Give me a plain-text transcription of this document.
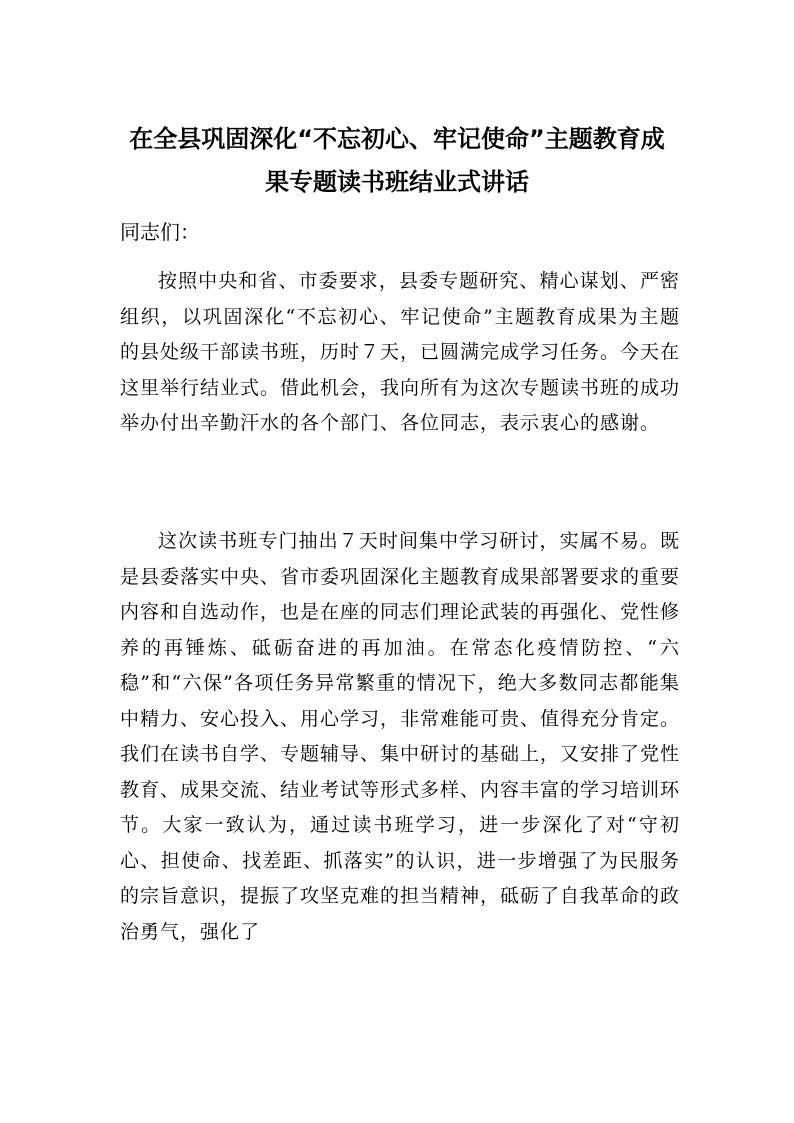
在全县巩固深化“不忘初心、牢记使命”主题教育成
果专题读书班结业式讲话

同志们：

按照中央和省、市委要求，县委专题研究、精心谋划、严密组织，以巩固深化“不忘初心、牢记使命”主题教育成果为主题的县处级干部读书班，历时７天，已圆满完成学习任务。今天在这里举行结业式。借此机会，我向所有为这次专题读书班的成功举办付出辛勤汗水的各个部门、各位同志，表示衷心的感谢。

这次读书班专门抽出７天时间集中学习研讨，实属不易。既是县委落实中央、省市委巩固深化主题教育成果部署要求的重要内容和自选动作，也是在座的同志们理论武装的再强化、党性修养的再锤炼、砥砺奋进的再加油。在常态化疫情防控、“六稳”和“六保”各项任务异常繁重的情况下，绝大多数同志都能集中精力、安心投入、用心学习，非常难能可贵、值得充分肯定。我们在读书自学、专题辅导、集中研讨的基础上，又安排了党性教育、成果交流、结业考试等形式多样、内容丰富的学习培训环节。大家一致认为，通过读书班学习，进一步深化了对“守初心、担使命、找差距、抓落实”的认识，进一步增强了为民服务的宗旨意识，提振了攻坚克难的担当精神，砥砺了自我革命的政治勇气，强化了
